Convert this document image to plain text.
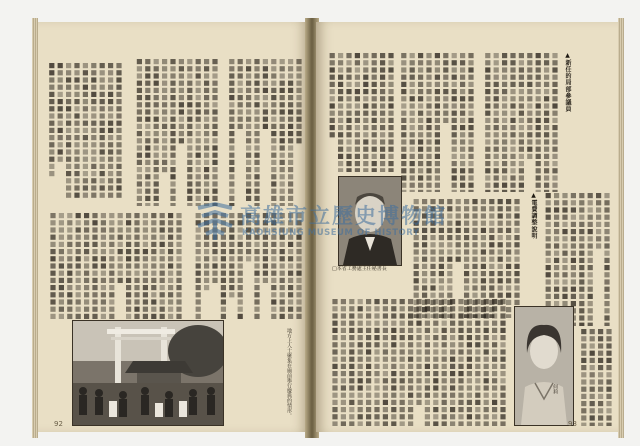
地方上人士聚集在廟前舉行慶典的情形。
92
▲新任的局部參議員
□本省工務處主任秘書長
▲電費調整說明
何莉
93
高雄市立歷史博物館
KAOHSIUNG MUSEUM OF HISTORY
